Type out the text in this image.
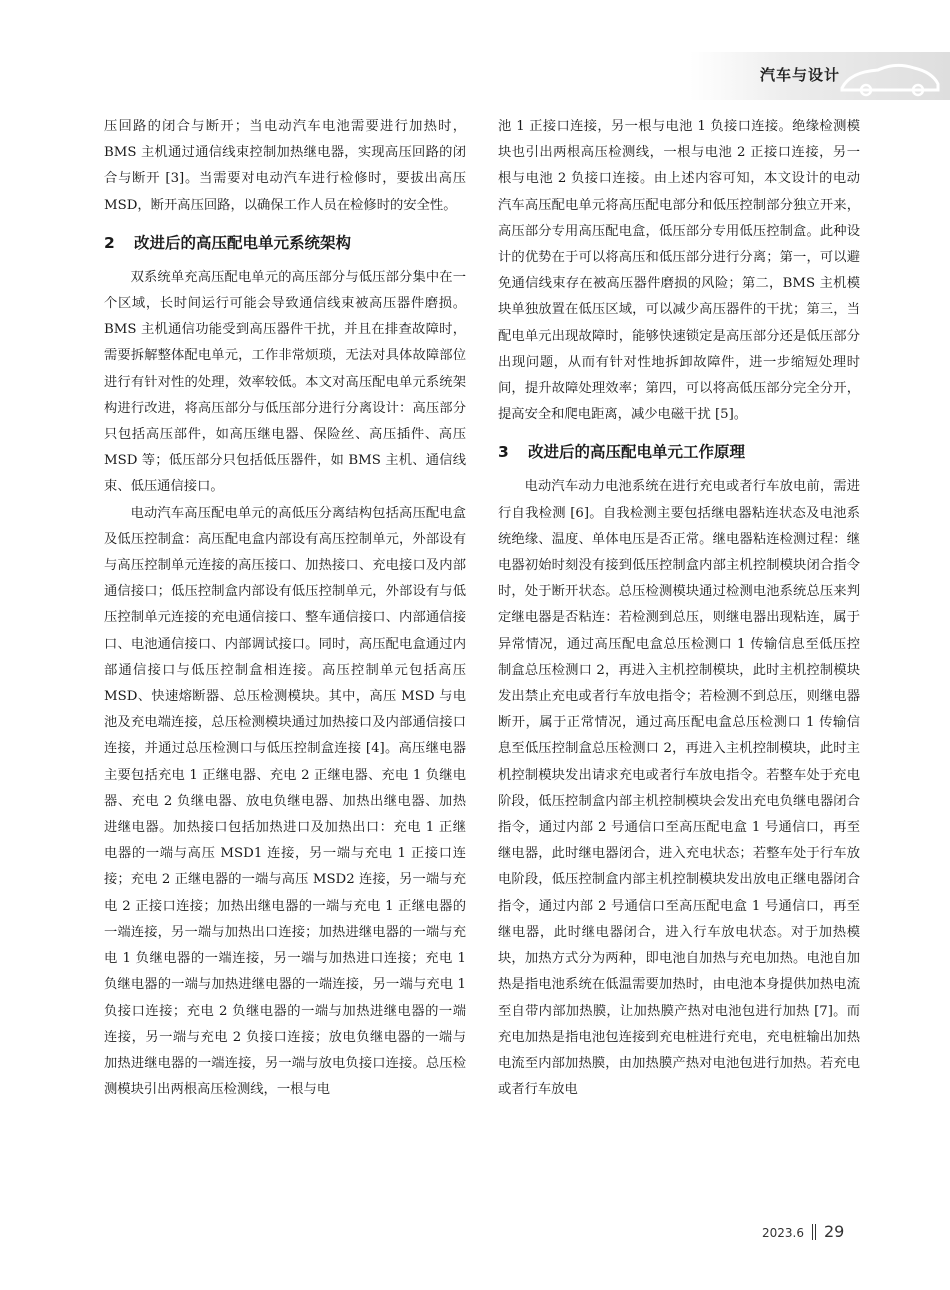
汽车与设计

压回路的闭合与断开；当电动汽车电池需要进行加热时，BMS 主机通过通信线束控制加热继电器，实现高压回路的闭合与断开 [3]。当需要对电动汽车进行检修时，要拔出高压 MSD，断开高压回路，以确保工作人员在检修时的安全性。

2 改进后的高压配电单元系统架构

双系统单充高压配电单元的高压部分与低压部分集中在一个区域，长时间运行可能会导致通信线束被高压器件磨损。BMS 主机通信功能受到高压器件干扰，并且在排查故障时，需要拆解整体配电单元，工作非常烦琐，无法对具体故障部位进行有针对性的处理，效率较低。本文对高压配电单元系统架构进行改进，将高压部分与低压部分进行分离设计：高压部分只包括高压部件，如高压继电器、保险丝、高压插件、高压 MSD 等；低压部分只包括低压器件，如 BMS 主机、通信线束、低压通信接口。

电动汽车高压配电单元的高低压分离结构包括高压配电盒及低压控制盒：高压配电盒内部设有高压控制单元，外部设有与高压控制单元连接的高压接口、加热接口、充电接口及内部通信接口；低压控制盒内部设有低压控制单元，外部设有与低压控制单元连接的充电通信接口、整车通信接口、内部通信接口、电池通信接口、内部调试接口。同时，高压配电盒通过内部通信接口与低压控制盒相连接。高压控制单元包括高压 MSD、快速熔断器、总压检测模块。其中，高压 MSD 与电池及充电端连接，总压检测模块通过加热接口及内部通信接口连接，并通过总压检测口与低压控制盒连接 [4]。高压继电器主要包括充电 1 正继电器、充电 2 正继电器、充电 1 负继电器、充电 2 负继电器、放电负继电器、加热出继电器、加热进继电器。加热接口包括加热进口及加热出口：充电 1 正继电器的一端与高压 MSD1 连接，另一端与充电 1 正接口连接；充电 2 正继电器的一端与高压 MSD2 连接，另一端与充电 2 正接口连接；加热出继电器的一端与充电 1 正继电器的一端连接，另一端与加热出口连接；加热进继电器的一端与充电 1 负继电器的一端连接，另一端与加热进口连接；充电 1 负继电器的一端与加热进继电器的一端连接，另一端与充电 1 负接口连接；充电 2 负继电器的一端与加热进继电器的一端连接，另一端与充电 2 负接口连接；放电负继电器的一端与加热进继电器的一端连接，另一端与放电负接口连接。总压检测模块引出两根高压检测线，一根与电

池 1 正接口连接，另一根与电池 1 负接口连接。绝缘检测模块也引出两根高压检测线，一根与电池 2 正接口连接，另一根与电池 2 负接口连接。由上述内容可知，本文设计的电动汽车高压配电单元将高压配电部分和低压控制部分独立开来，高压部分专用高压配电盒，低压部分专用低压控制盒。此种设计的优势在于可以将高压和低压部分进行分离；第一，可以避免通信线束存在被高压器件磨损的风险；第二，BMS 主机模块单独放置在低压区域，可以减少高压器件的干扰；第三，当配电单元出现故障时，能够快速锁定是高压部分还是低压部分出现问题，从而有针对性地拆卸故障件，进一步缩短处理时间，提升故障处理效率；第四，可以将高低压部分完全分开，提高安全和爬电距离，减少电磁干扰 [5]。

3 改进后的高压配电单元工作原理

电动汽车动力电池系统在进行充电或者行车放电前，需进行自我检测 [6]。自我检测主要包括继电器粘连状态及电池系统绝缘、温度、单体电压是否正常。继电器粘连检测过程：继电器初始时刻没有接到低压控制盒内部主机控制模块闭合指令时，处于断开状态。总压检测模块通过检测电池系统总压来判定继电器是否粘连：若检测到总压，则继电器出现粘连，属于异常情况，通过高压配电盒总压检测口 1 传输信息至低压控制盒总压检测口 2，再进入主机控制模块，此时主机控制模块发出禁止充电或者行车放电指令；若检测不到总压，则继电器断开，属于正常情况，通过高压配电盒总压检测口 1 传输信息至低压控制盒总压检测口 2，再进入主机控制模块，此时主机控制模块发出请求充电或者行车放电指令。若整车处于充电阶段，低压控制盒内部主机控制模块会发出充电负继电器闭合指令，通过内部 2 号通信口至高压配电盒 1 号通信口，再至继电器，此时继电器闭合，进入充电状态；若整车处于行车放电阶段，低压控制盒内部主机控制模块发出放电正继电器闭合指令，通过内部 2 号通信口至高压配电盒 1 号通信口，再至继电器，此时继电器闭合，进入行车放电状态。对于加热模块，加热方式分为两种，即电池自加热与充电加热。电池自加热是指电池系统在低温需要加热时，由电池本身提供加热电流至自带内部加热膜，让加热膜产热对电池包进行加热 [7]。而充电加热是指电池包连接到充电桩进行充电，充电桩输出加热电流至内部加热膜，由加热膜产热对电池包进行加热。若充电或者行车放电

2023.6 29
